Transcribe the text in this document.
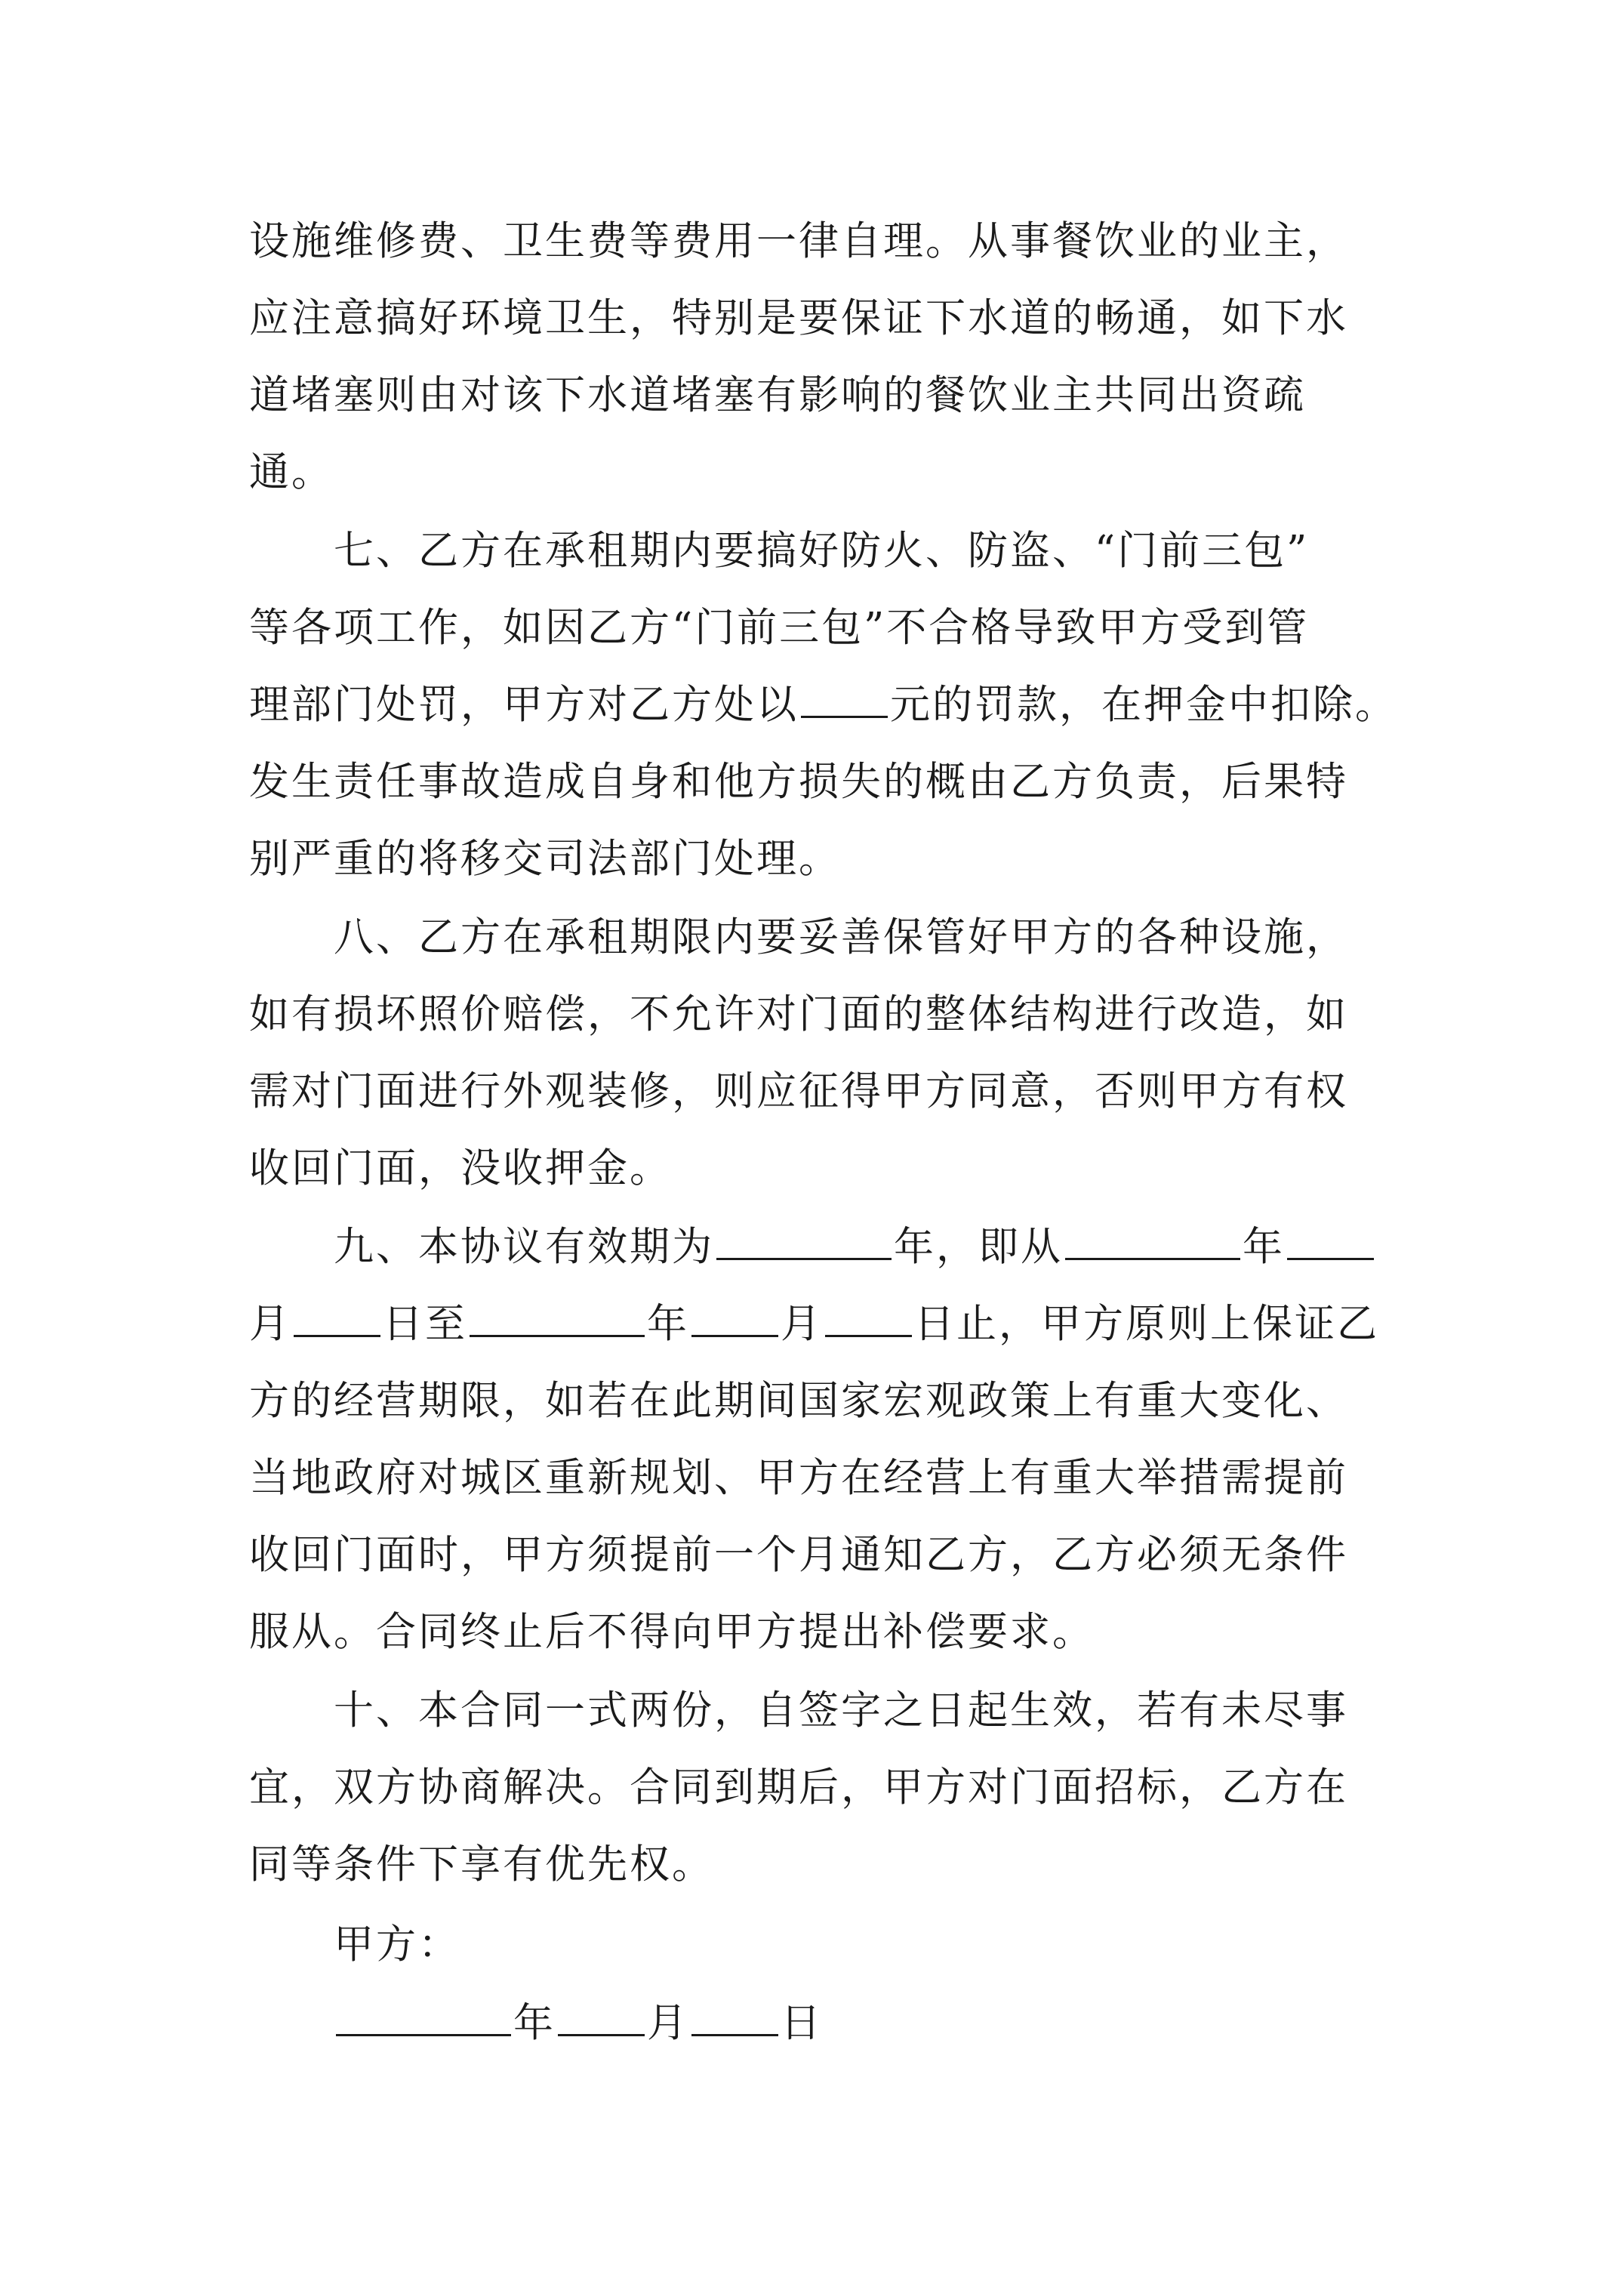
设施维修费、卫生费等费用一律自理。从事餐饮业的业主，
应注意搞好环境卫生，特别是要保证下水道的畅通，如下水
道堵塞则由对该下水道堵塞有影响的餐饮业主共同出资疏
通。
七、乙方在承租期内要搞好防火、防盗、“门前三包”
等各项工作，如因乙方“门前三包”不合格导致甲方受到管
理部门处罚，甲方对乙方处以 元的罚款，在押金中扣除。
发生责任事故造成自身和他方损失的概由乙方负责，后果特
别严重的将移交司法部门处理。
八、乙方在承租期限内要妥善保管好甲方的各种设施，
如有损坏照价赔偿，不允许对门面的整体结构进行改造，如
需对门面进行外观装修，则应征得甲方同意，否则甲方有权
收回门面，没收押金。
九、本协议有效期为	年，即从	年
月 日至	年 月 日止，甲方原则上保证乙
方的经营期限，如若在此期间国家宏观政策上有重大变化、
当地政府对城区重新规划、甲方在经营上有重大举措需提前
收回门面时，甲方须提前一个月通知乙方，乙方必须无条件
服从。合同终止后不得向甲方提出补偿要求。
十、本合同一式两份，自签字之日起生效，若有未尽事
宜，双方协商解决。合同到期后，甲方对门面招标，乙方在
同等条件下享有优先权。
甲方：
年 月 日
